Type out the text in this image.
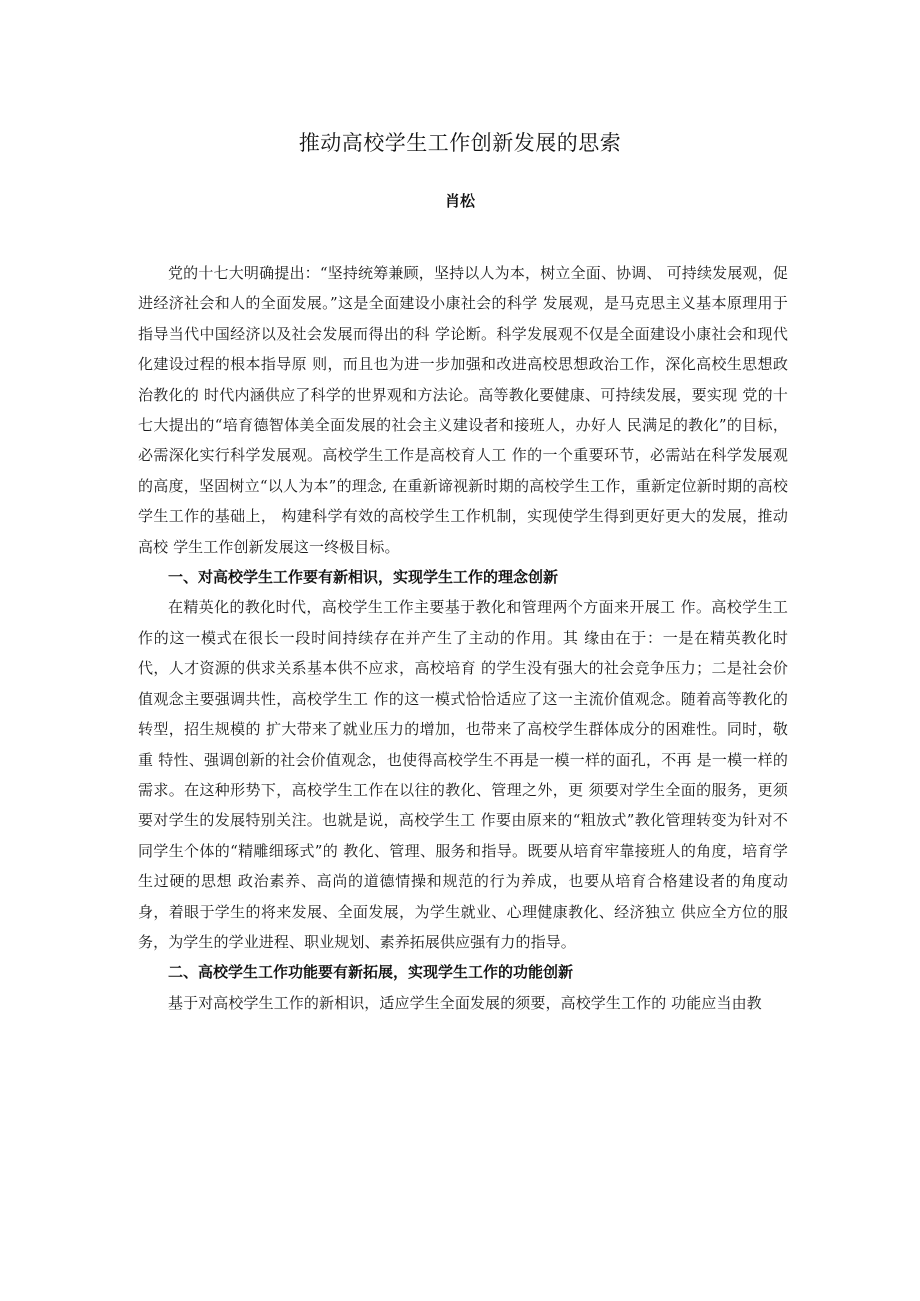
推动高校学生工作创新发展的思索
肖松

党的十七大明确提出：“坚持统筹兼顾，坚持以人为本，树立全面、协调、 可持续发展观，促进经济社会和人的全面发展。”这是全面建设小康社会的科学 发展观，是马克思主义基本原理用于指导当代中国经济以及社会发展而得出的科 学论断。科学发展观不仅是全面建设小康社会和现代化建设过程的根本指导原 则，而且也为进一步加强和改进高校思想政治工作，深化高校生思想政治教化的 时代内涵供应了科学的世界观和方法论。高等教化要健康、可持续发展，要实现 党的十七大提出的“培育德智体美全面发展的社会主义建设者和接班人，办好人 民满足的教化”的目标，必需深化实行科学发展观。高校学生工作是高校育人工 作的一个重要环节，必需站在科学发展观的高度，坚固树立“以人为本”的理念, 在重新谛视新时期的高校学生工作，重新定位新时期的高校学生工作的基础上， 构建科学有效的高校学生工作机制，实现使学生得到更好更大的发展，推动高校 学生工作创新发展这一终极目标。

一、对高校学生工作要有新相识，实现学生工作的理念创新

在精英化的教化时代，高校学生工作主要基于教化和管理两个方面来开展工 作。高校学生工作的这一模式在很长一段时间持续存在并产生了主动的作用。其 缘由在于：一是在精英教化时代，人才资源的供求关系基本供不应求，高校培育 的学生没有强大的社会竞争压力；二是社会价值观念主要强调共性，高校学生工 作的这一模式恰恰适应了这一主流价值观念。随着高等教化的转型，招生规模的 扩大带来了就业压力的增加，也带来了高校学生群体成分的困难性。同时，敬重 特性、强调创新的社会价值观念，也使得高校学生不再是一模一样的面孔，不再 是一模一样的需求。在这种形势下，高校学生工作在以往的教化、管理之外，更 须要对学生全面的服务，更须要对学生的发展特别关注。也就是说，高校学生工 作要由原来的“粗放式”教化管理转变为针对不同学生个体的“精雕细琢式”的 教化、管理、服务和指导。既要从培育牢靠接班人的角度，培育学生过硬的思想 政治素养、高尚的道德情操和规范的行为养成，也要从培育合格建设者的角度动 身，着眼于学生的将来发展、全面发展，为学生就业、心理健康教化、经济独立 供应全方位的服务，为学生的学业进程、职业规划、素养拓展供应强有力的指导。

二、高校学生工作功能要有新拓展，实现学生工作的功能创新

基于对高校学生工作的新相识，适应学生全面发展的须要，高校学生工作的 功能应当由教
